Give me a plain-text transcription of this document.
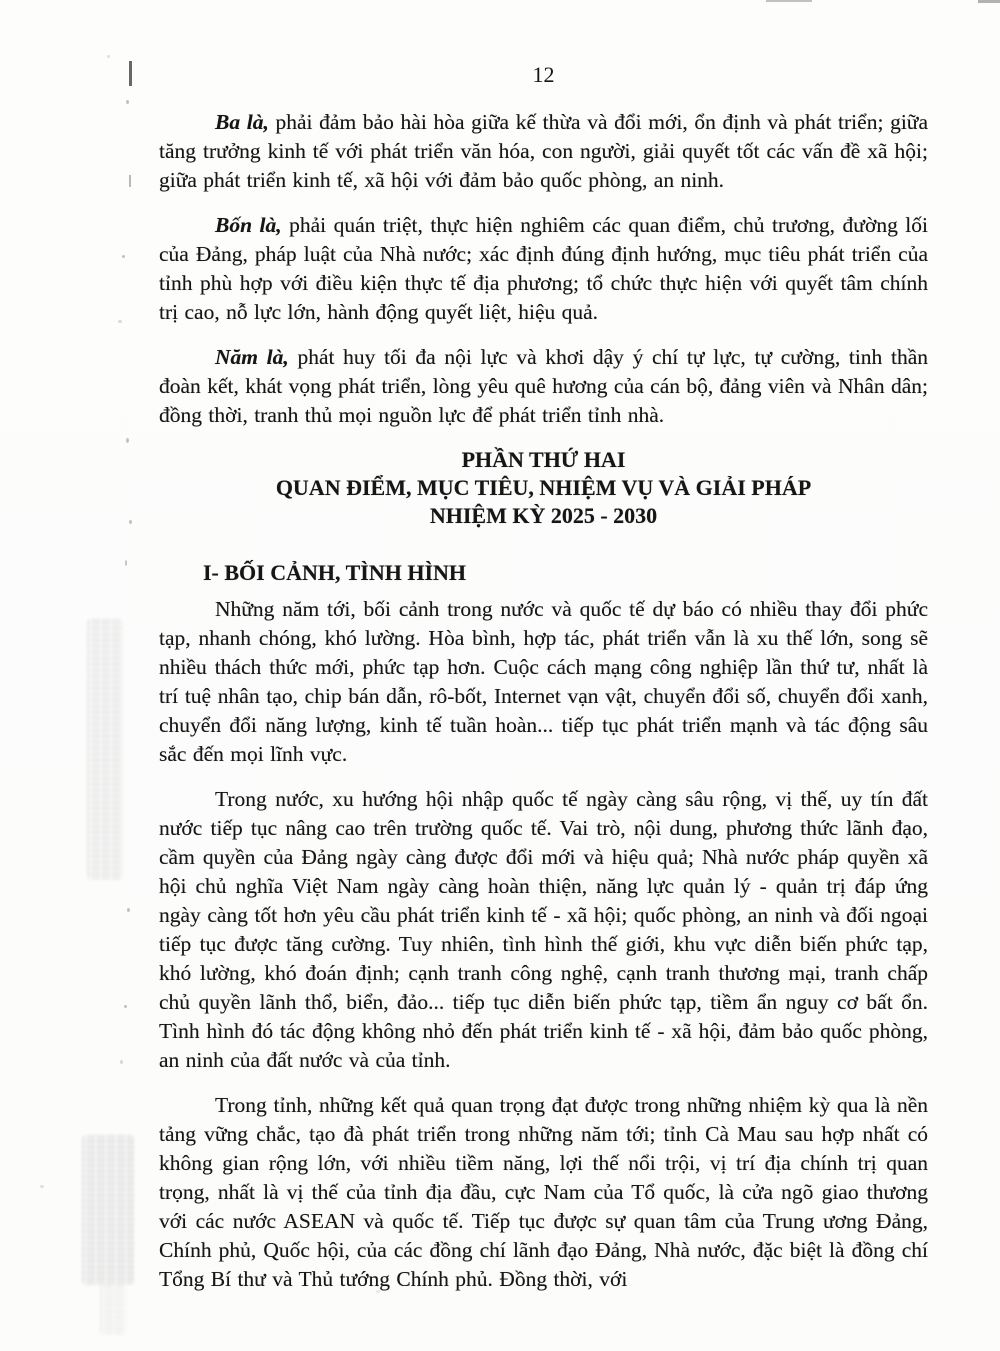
12

Ba là, phải đảm bảo hài hòa giữa kế thừa và đổi mới, ổn định và phát triển; giữa tăng trưởng kinh tế với phát triển văn hóa, con người, giải quyết tốt các vấn đề xã hội; giữa phát triển kinh tế, xã hội với đảm bảo quốc phòng, an ninh.

Bốn là, phải quán triệt, thực hiện nghiêm các quan điểm, chủ trương, đường lối của Đảng, pháp luật của Nhà nước; xác định đúng định hướng, mục tiêu phát triển của tỉnh phù hợp với điều kiện thực tế địa phương; tổ chức thực hiện với quyết tâm chính trị cao, nỗ lực lớn, hành động quyết liệt, hiệu quả.

Năm là, phát huy tối đa nội lực và khơi dậy ý chí tự lực, tự cường, tinh thần đoàn kết, khát vọng phát triển, lòng yêu quê hương của cán bộ, đảng viên và Nhân dân; đồng thời, tranh thủ mọi nguồn lực để phát triển tỉnh nhà.

PHẦN THỨ HAI
QUAN ĐIỂM, MỤC TIÊU, NHIỆM VỤ VÀ GIẢI PHÁP
NHIỆM KỲ 2025 - 2030
I- BỐI CẢNH, TÌNH HÌNH

Những năm tới, bối cảnh trong nước và quốc tế dự báo có nhiều thay đổi phức tạp, nhanh chóng, khó lường. Hòa bình, hợp tác, phát triển vẫn là xu thế lớn, song sẽ nhiều thách thức mới, phức tạp hơn. Cuộc cách mạng công nghiệp lần thứ tư, nhất là trí tuệ nhân tạo, chip bán dẫn, rô-bốt, Internet vạn vật, chuyển đổi số, chuyển đổi xanh, chuyển đổi năng lượng, kinh tế tuần hoàn... tiếp tục phát triển mạnh và tác động sâu sắc đến mọi lĩnh vực.

Trong nước, xu hướng hội nhập quốc tế ngày càng sâu rộng, vị thế, uy tín đất nước tiếp tục nâng cao trên trường quốc tế. Vai trò, nội dung, phương thức lãnh đạo, cầm quyền của Đảng ngày càng được đổi mới và hiệu quả; Nhà nước pháp quyền xã hội chủ nghĩa Việt Nam ngày càng hoàn thiện, năng lực quản lý - quản trị đáp ứng ngày càng tốt hơn yêu cầu phát triển kinh tế - xã hội; quốc phòng, an ninh và đối ngoại tiếp tục được tăng cường. Tuy nhiên, tình hình thế giới, khu vực diễn biến phức tạp, khó lường, khó đoán định; cạnh tranh công nghệ, cạnh tranh thương mại, tranh chấp chủ quyền lãnh thổ, biển, đảo... tiếp tục diễn biến phức tạp, tiềm ẩn nguy cơ bất ổn. Tình hình đó tác động không nhỏ đến phát triển kinh tế - xã hội, đảm bảo quốc phòng, an ninh của đất nước và của tỉnh.

Trong tỉnh, những kết quả quan trọng đạt được trong những nhiệm kỳ qua là nền tảng vững chắc, tạo đà phát triển trong những năm tới; tỉnh Cà Mau sau hợp nhất có không gian rộng lớn, với nhiều tiềm năng, lợi thế nổi trội, vị trí địa chính trị quan trọng, nhất là vị thế của tỉnh địa đầu, cực Nam của Tổ quốc, là cửa ngõ giao thương với các nước ASEAN và quốc tế. Tiếp tục được sự quan tâm của Trung ương Đảng, Chính phủ, Quốc hội, của các đồng chí lãnh đạo Đảng, Nhà nước, đặc biệt là đồng chí Tổng Bí thư và Thủ tướng Chính phủ. Đồng thời, với
